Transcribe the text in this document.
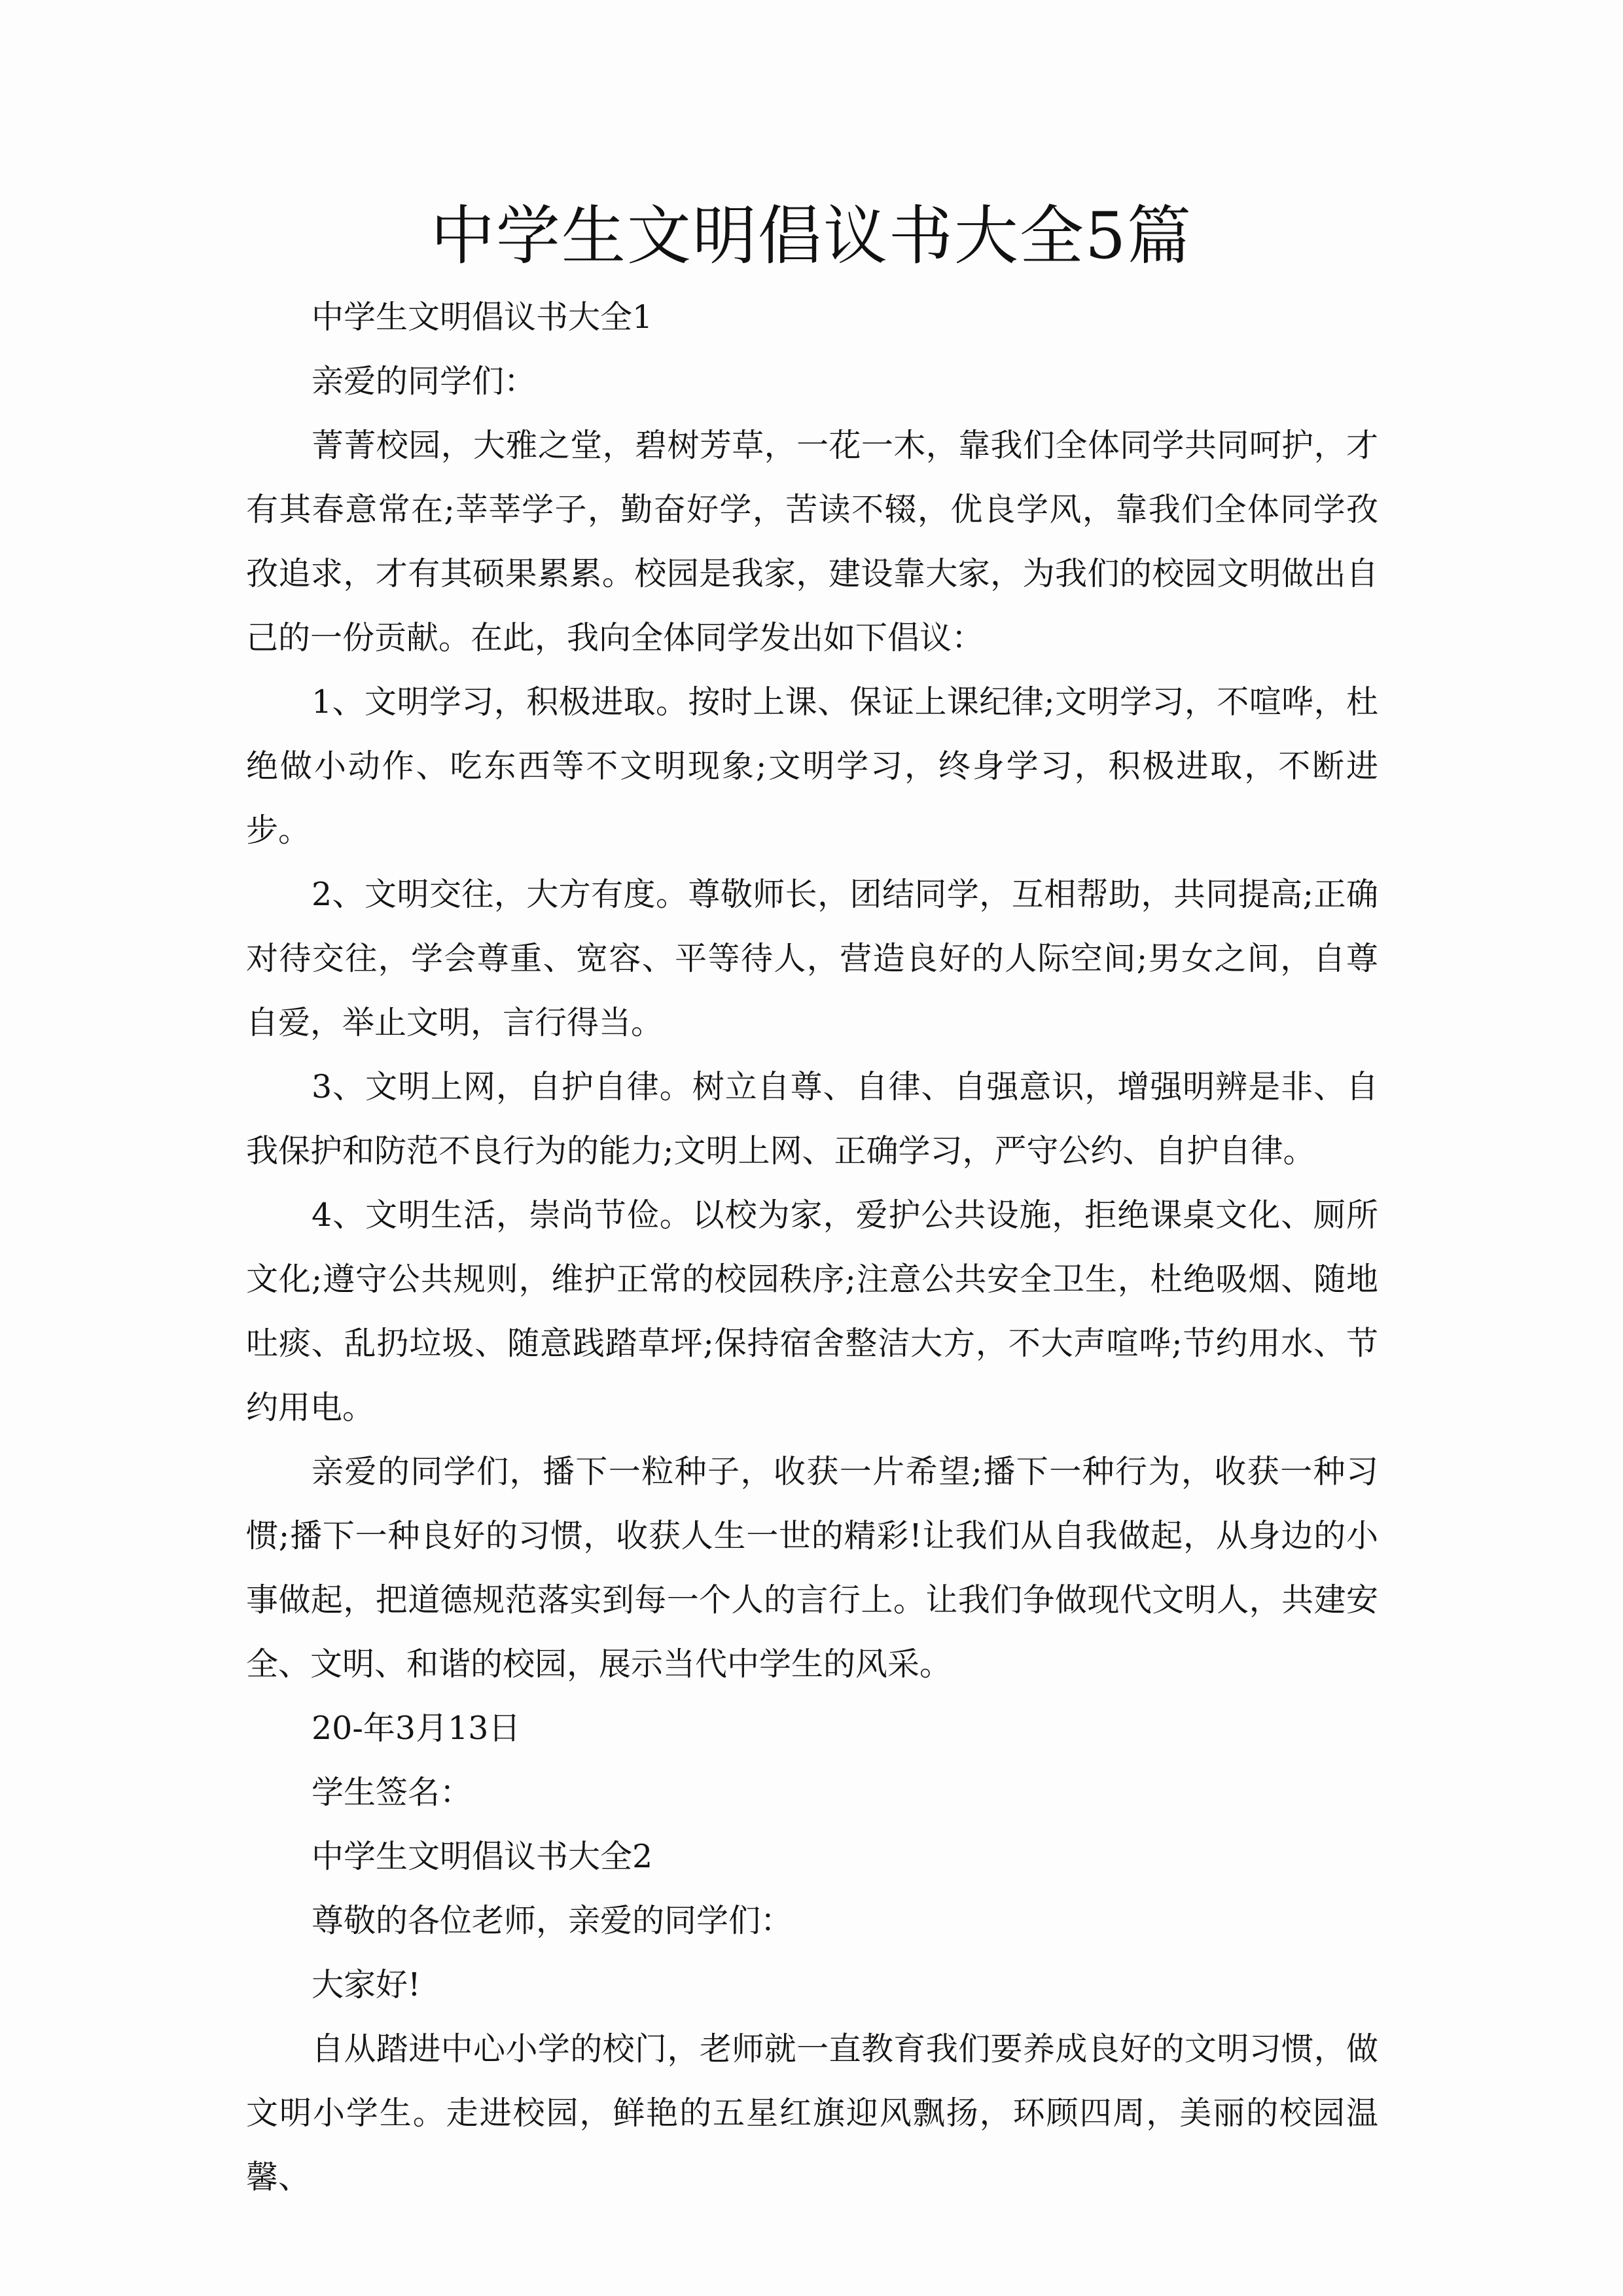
中学生文明倡议书大全5篇

中学生文明倡议书大全1

亲爱的同学们：

菁菁校园，大雅之堂，碧树芳草，一花一木，靠我们全体同学共同呵护，才有其春意常在;莘莘学子，勤奋好学，苦读不辍，优良学风，靠我们全体同学孜孜追求，才有其硕果累累。校园是我家，建设靠大家，为我们的校园文明做出自己的一份贡献。在此，我向全体同学发出如下倡议：

1、文明学习，积极进取。按时上课、保证上课纪律;文明学习，不喧哗，杜绝做小动作、吃东西等不文明现象;文明学习，终身学习，积极进取，不断进步。

2、文明交往，大方有度。尊敬师长，团结同学，互相帮助，共同提高;正确对待交往，学会尊重、宽容、平等待人，营造良好的人际空间;男女之间，自尊自爱，举止文明，言行得当。

3、文明上网，自护自律。树立自尊、自律、自强意识，增强明辨是非、自我保护和防范不良行为的能力;文明上网、正确学习，严守公约、自护自律。

4、文明生活，崇尚节俭。以校为家，爱护公共设施，拒绝课桌文化、厕所文化;遵守公共规则，维护正常的校园秩序;注意公共安全卫生，杜绝吸烟、随地吐痰、乱扔垃圾、随意践踏草坪;保持宿舍整洁大方，不大声喧哗;节约用水、节约用电。

亲爱的同学们，播下一粒种子，收获一片希望;播下一种行为，收获一种习惯;播下一种良好的习惯，收获人生一世的精彩!让我们从自我做起，从身边的小事做起，把道德规范落实到每一个人的言行上。让我们争做现代文明人，共建安全、文明、和谐的校园，展示当代中学生的风采。

20-年3月13日

学生签名：

中学生文明倡议书大全2

尊敬的各位老师，亲爱的同学们：

大家好!

自从踏进中心小学的校门，老师就一直教育我们要养成良好的文明习惯，做文明小学生。走进校园，鲜艳的五星红旗迎风飘扬，环顾四周，美丽的校园温馨、
